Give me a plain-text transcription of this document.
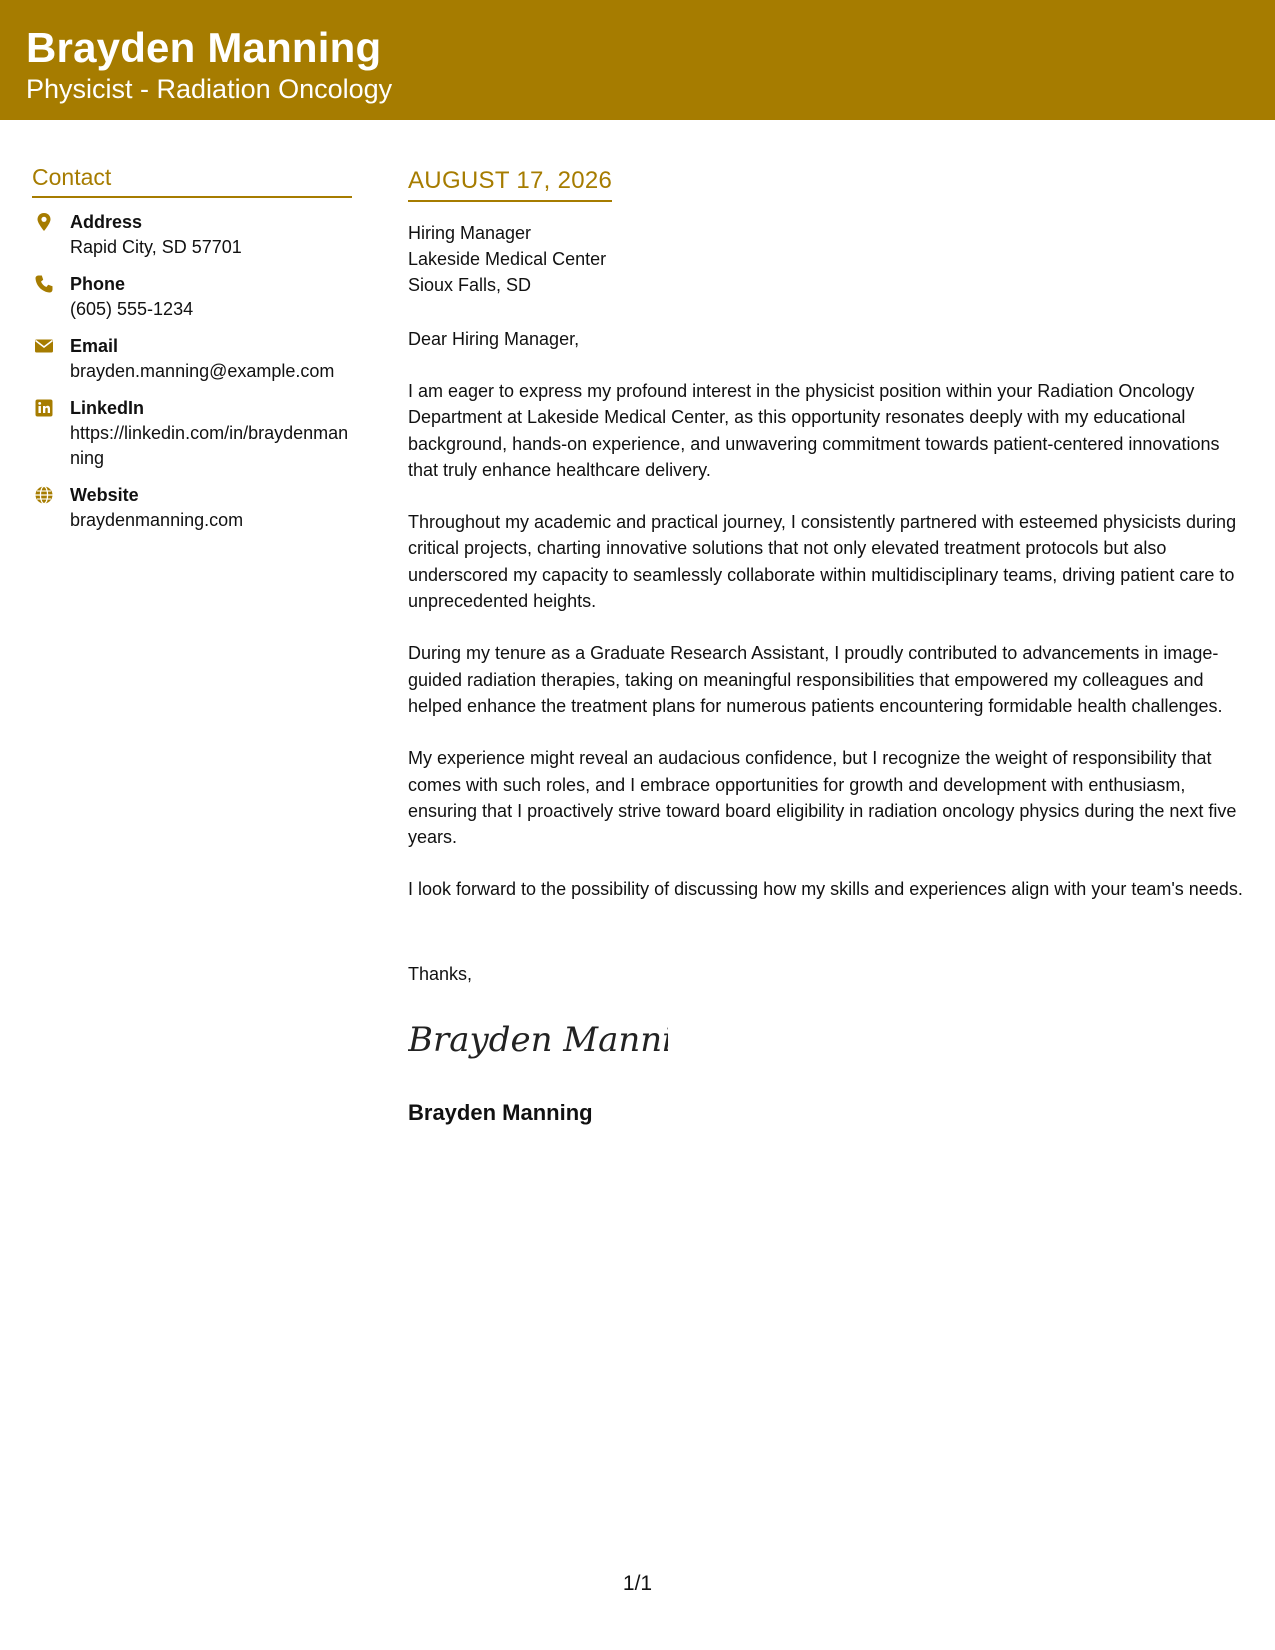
Brayden Manning
Physicist - Radiation Oncology
Contact
Address
Rapid City, SD 57701
Phone
(605) 555-1234
Email
brayden.manning@example.com
LinkedIn
https://linkedin.com/in/braydenmanning
Website
braydenmanning.com
AUGUST 17, 2026
Hiring Manager
Lakeside Medical Center
Sioux Falls, SD
Dear Hiring Manager,
I am eager to express my profound interest in the physicist position within your Radiation Oncology Department at Lakeside Medical Center, as this opportunity resonates deeply with my educational background, hands-on experience, and unwavering commitment towards patient-centered innovations that truly enhance healthcare delivery.
Throughout my academic and practical journey, I consistently partnered with esteemed physicists during critical projects, charting innovative solutions that not only elevated treatment protocols but also underscored my capacity to seamlessly collaborate within multidisciplinary teams, driving patient care to unprecedented heights.
During my tenure as a Graduate Research Assistant, I proudly contributed to advancements in image-guided radiation therapies, taking on meaningful responsibilities that empowered my colleagues and helped enhance the treatment plans for numerous patients encountering formidable health challenges.
My experience might reveal an audacious confidence, but I recognize the weight of responsibility that comes with such roles, and I embrace opportunities for growth and development with enthusiasm, ensuring that I proactively strive toward board eligibility in radiation oncology physics during the next five years.
I look forward to the possibility of discussing how my skills and experiences align with your team's needs.
Thanks,
Brayden Mannin
Brayden Manning
1/1
